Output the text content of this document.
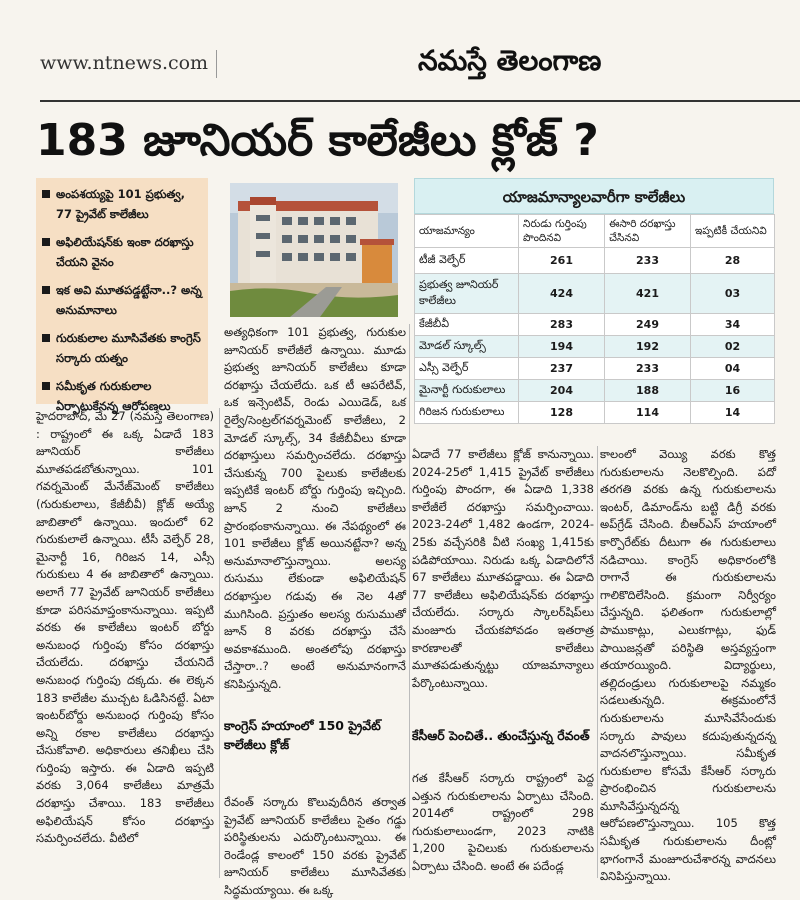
www.ntnews.com	నమస్తే తెలంగాణ
183 జూనియర్ కాలేజీలు క్లోజ్ ?
అంపశయ్యపై 101 ప్రభుత్వ, 77 ప్రైవేట్ కాలేజీలు
అఫిలియేషన్‌కు ఇంకా దరఖాస్తు చేయని వైనం
ఇక అవి మూతపడ్డట్టేనా..? అన్న అనుమానాలు
గురుకులాల మూసివేతకు కాంగ్రెస్ సర్కారు యత్నం
సమీకృత గురుకులాల ఏర్పాటుకేనన్న ఆరోపణలు
యాజమాన్యాలవారీగా కాలేజీలు
యాజమాన్యం	నిరుడు గుర్తింపు పొందినవి	ఈసారి దరఖాస్తు చేసినవి	ఇప్పటికీ చేయనివి
టీజీ వెల్ఫేర్	261	233	28
ప్రభుత్వ జూనియర్ కాలేజీలు	424	421	03
కేజీబీవీ	283	249	34
మోడల్ స్కూల్స్	194	192	02
ఎస్సీ వెల్ఫేర్	237	233	04
మైనార్టీ గురుకులాలు	204	188	16
గిరిజన గురుకులాలు	128	114	14
హైదరాబాద్, మే 27 (నమస్తే తెలంగాణ) : రాష్ట్రంలో ఈ ఒక్క ఏడాదే 183 జూనియర్ కాలేజీలు మూతపడబోతున్నాయి. 101 గవర్నమెంట్ మేనేజ్‌మెంట్ కాలేజీలు (గురుకులాలు, కేజీబీవీ) క్లోజ్ అయ్యే జాబితాలో ఉన్నాయి. ఇందులో 62 గురుకులాలే ఉన్నాయి. టీసీ వెల్ఫేర్ 28, మైనార్టీ 16, గిరిజన 14, ఎస్సీ గురుకులు 4 ఈ జాబితాలో ఉన్నాయి. అలాగే 77 ప్రైవేట్ జూనియర్ కాలేజీలు కూడా పరిసమాప్తంకానున్నాయి. ఇప్పటి వరకు ఈ కాలేజీలు ఇంటర్ బోర్డు అనుబంధ గుర్తింపు కోసం దరఖాస్తు చేయలేదు. దరఖాస్తు చేయనిదే అనుబంధ గుర్తింపు దక్కదు. ఈ లెక్కన 183 కాలేజీల ముచ్చట ఓడిసినట్టే. ఏటా ఇంటర్‌బోర్డు అనుబంధ గుర్తింపు కోసం అన్ని రకాల కాలేజీలు దరఖాస్తు చేసుకోవాలి. అధికారులు తనిఖీలు చేసి గుర్తింపు ఇస్తారు. ఈ ఏడాది ఇప్పటి వరకు 3,064 కాలేజీలు మాత్రమే దరఖాస్తు చేశాయి. 183 కాలేజీలు అఫిలియేషన్ కోసం దరఖాస్తు సమర్పించలేదు. వీటిలో
అత్యధికంగా 101 ప్రభుత్వ, గురుకుల జూనియర్ కాలేజీలే ఉన్నాయి. మూడు ప్రభుత్వ జూనియర్ కాలేజీలు కూడా దరఖాస్తు చేయలేదు. ఒక టీ ఆపరేటివ్, ఒక ఇన్సెంటివ్, రెండు ఎయిడెడ్, ఒక రైల్వే/సెంట్రల్‌గవర్నమెంట్ కాలేజీలు, 2 మోడల్ స్కూల్స్, 34 కేజీబీవీలు కూడా దరఖాస్తులు సమర్పించలేదు. దరఖాస్తు చేసుకున్న 700 పైలుకు కాలేజీలకు ఇప్పటికే ఇంటర్ బోర్డు గుర్తింపు ఇచ్చింది. జూన్ 2 నుంచి కాలేజీలు ప్రారంభంకానున్నాయి. ఈ నేపథ్యంలో ఈ 101 కాలేజీలు క్లోజ్ అయినట్టేనా? అన్న అనుమానాలొస్తున్నాయి. అలస్య రుసుము లేకుండా అఫిలియేషన్ దరఖాస్తుల గడువు ఈ నెల 4తో ముగిసింది. ప్రస్తుతం అలస్య రుసుముతో జూన్ 8 వరకు దరఖాస్తు చేసే అవకాశముంది. అంతలోపు దరఖాస్తు చేస్తారా..? అంటే అనుమానంగానే కనిపిస్తున్నది.
కాంగ్రెస్ హయాంలో 150 ప్రైవేట్ కాలేజీలు క్లోజ్
రేవంత్ సర్కారు కొలువుదీరిన తర్వాత ప్రైవేట్ జూనియర్ కాలేజీలు సైతం గడ్డు పరిస్థితులను ఎదుర్కొంటున్నాయి. ఈ రెండేండ్ల కాలంలో 150 వరకు ప్రైవేట్ జూనియర్ కాలేజీలు మూసివేతకు సిద్ధమయ్యాయి. ఈ ఒక్క
ఏడాదే 77 కాలేజీలు క్లోజ్ కానున్నాయి. 2024-25లో 1,415 ప్రైవేట్ కాలేజీలు గుర్తింపు పొందగా, ఈ ఏడాది 1,338 కాలేజీలే దరఖాస్తు సమర్పించాయి. 2023-24లో 1,482 ఉండగా, 2024-25కు వచ్చేసరికి వీటి సంఖ్య 1,415కు పడిపోయాయి. నిరుడు ఒక్క ఏడాదిలోనే 67 కాలేజీలు మూతపడ్డాయి. ఈ ఏడాది 77 కాలేజీలు అఫిలియేషన్‌కు దరఖాస్తు చేయలేదు. సర్కారు స్కాలర్‌షిప్‌లు మంజూరు చేయకపోవడం ఇతరాత్ర కారణాలతో కాలేజీలు మూతపడుతున్నట్టు యాజమాన్యాలు పేర్కొంటున్నాయి.
కేసీఆర్ పెంచితే.. తుంచేస్తున్న రేవంత్
గత కేసీఆర్ సర్కారు రాష్ట్రంలో పెద్ద ఎత్తున గురుకులాలను ఏర్పాటు చేసింది. 2014లో రాష్ట్రంలో 298 గురుకులాలుండగా, 2023 నాటికి 1,200 పైచిలుకు గురుకులాలను ఏర్పాటు చేసింది. అంటే ఈ పదేండ్ల
కాలంలో వెయ్యి వరకు కొత్త గురుకులాలను నెలకొల్పింది. పదో తరగతి వరకు ఉన్న గురుకులాలను ఇంటర్, డిమాండ్‌ను బట్టి డిగ్రీ వరకు అప్‌గ్రేడ్ చేసింది. బీఆర్ఎస్ హయాంలో కార్పొరేట్‌కు దీటుగా ఈ గురుకులాలు నడిచాయి. కాంగ్రెస్ అధికారంలోకి రాగానే ఈ గురుకులాలను గాలికొదిలేసింది. క్రమంగా నిర్వీర్యం చేస్తున్నది. ఫలితంగా గురుకులాల్లో పాముకాట్లు, ఎలుకగాట్లు, ఫుడ్ పాయిజన్లతో పరిస్థితి అస్తవ్యస్తంగా తయారయ్యింది. విద్యార్థులు, తల్లిదండ్రులు గురుకులాలపై నమ్మకం సడలుతున్నది. ఈక్రమంలోనే గురుకులాలను మూసివేసేందుకు సర్కారు పావులు కదుపుతున్నదన్న వాదనలొస్తున్నాయి. సమీకృత గురుకులాల కోసమే కేసీఆర్ సర్కారు ప్రారంభించిన గురుకులాలను మూసివేస్తున్నదన్న ఆరోపణలొస్తున్నాయి. 105 కొత్త సమీకృత గురుకులాలను దీంట్లో భాగంగానే మంజూరుచేశారన్న వాదనలు వినిపిస్తున్నాయి.
